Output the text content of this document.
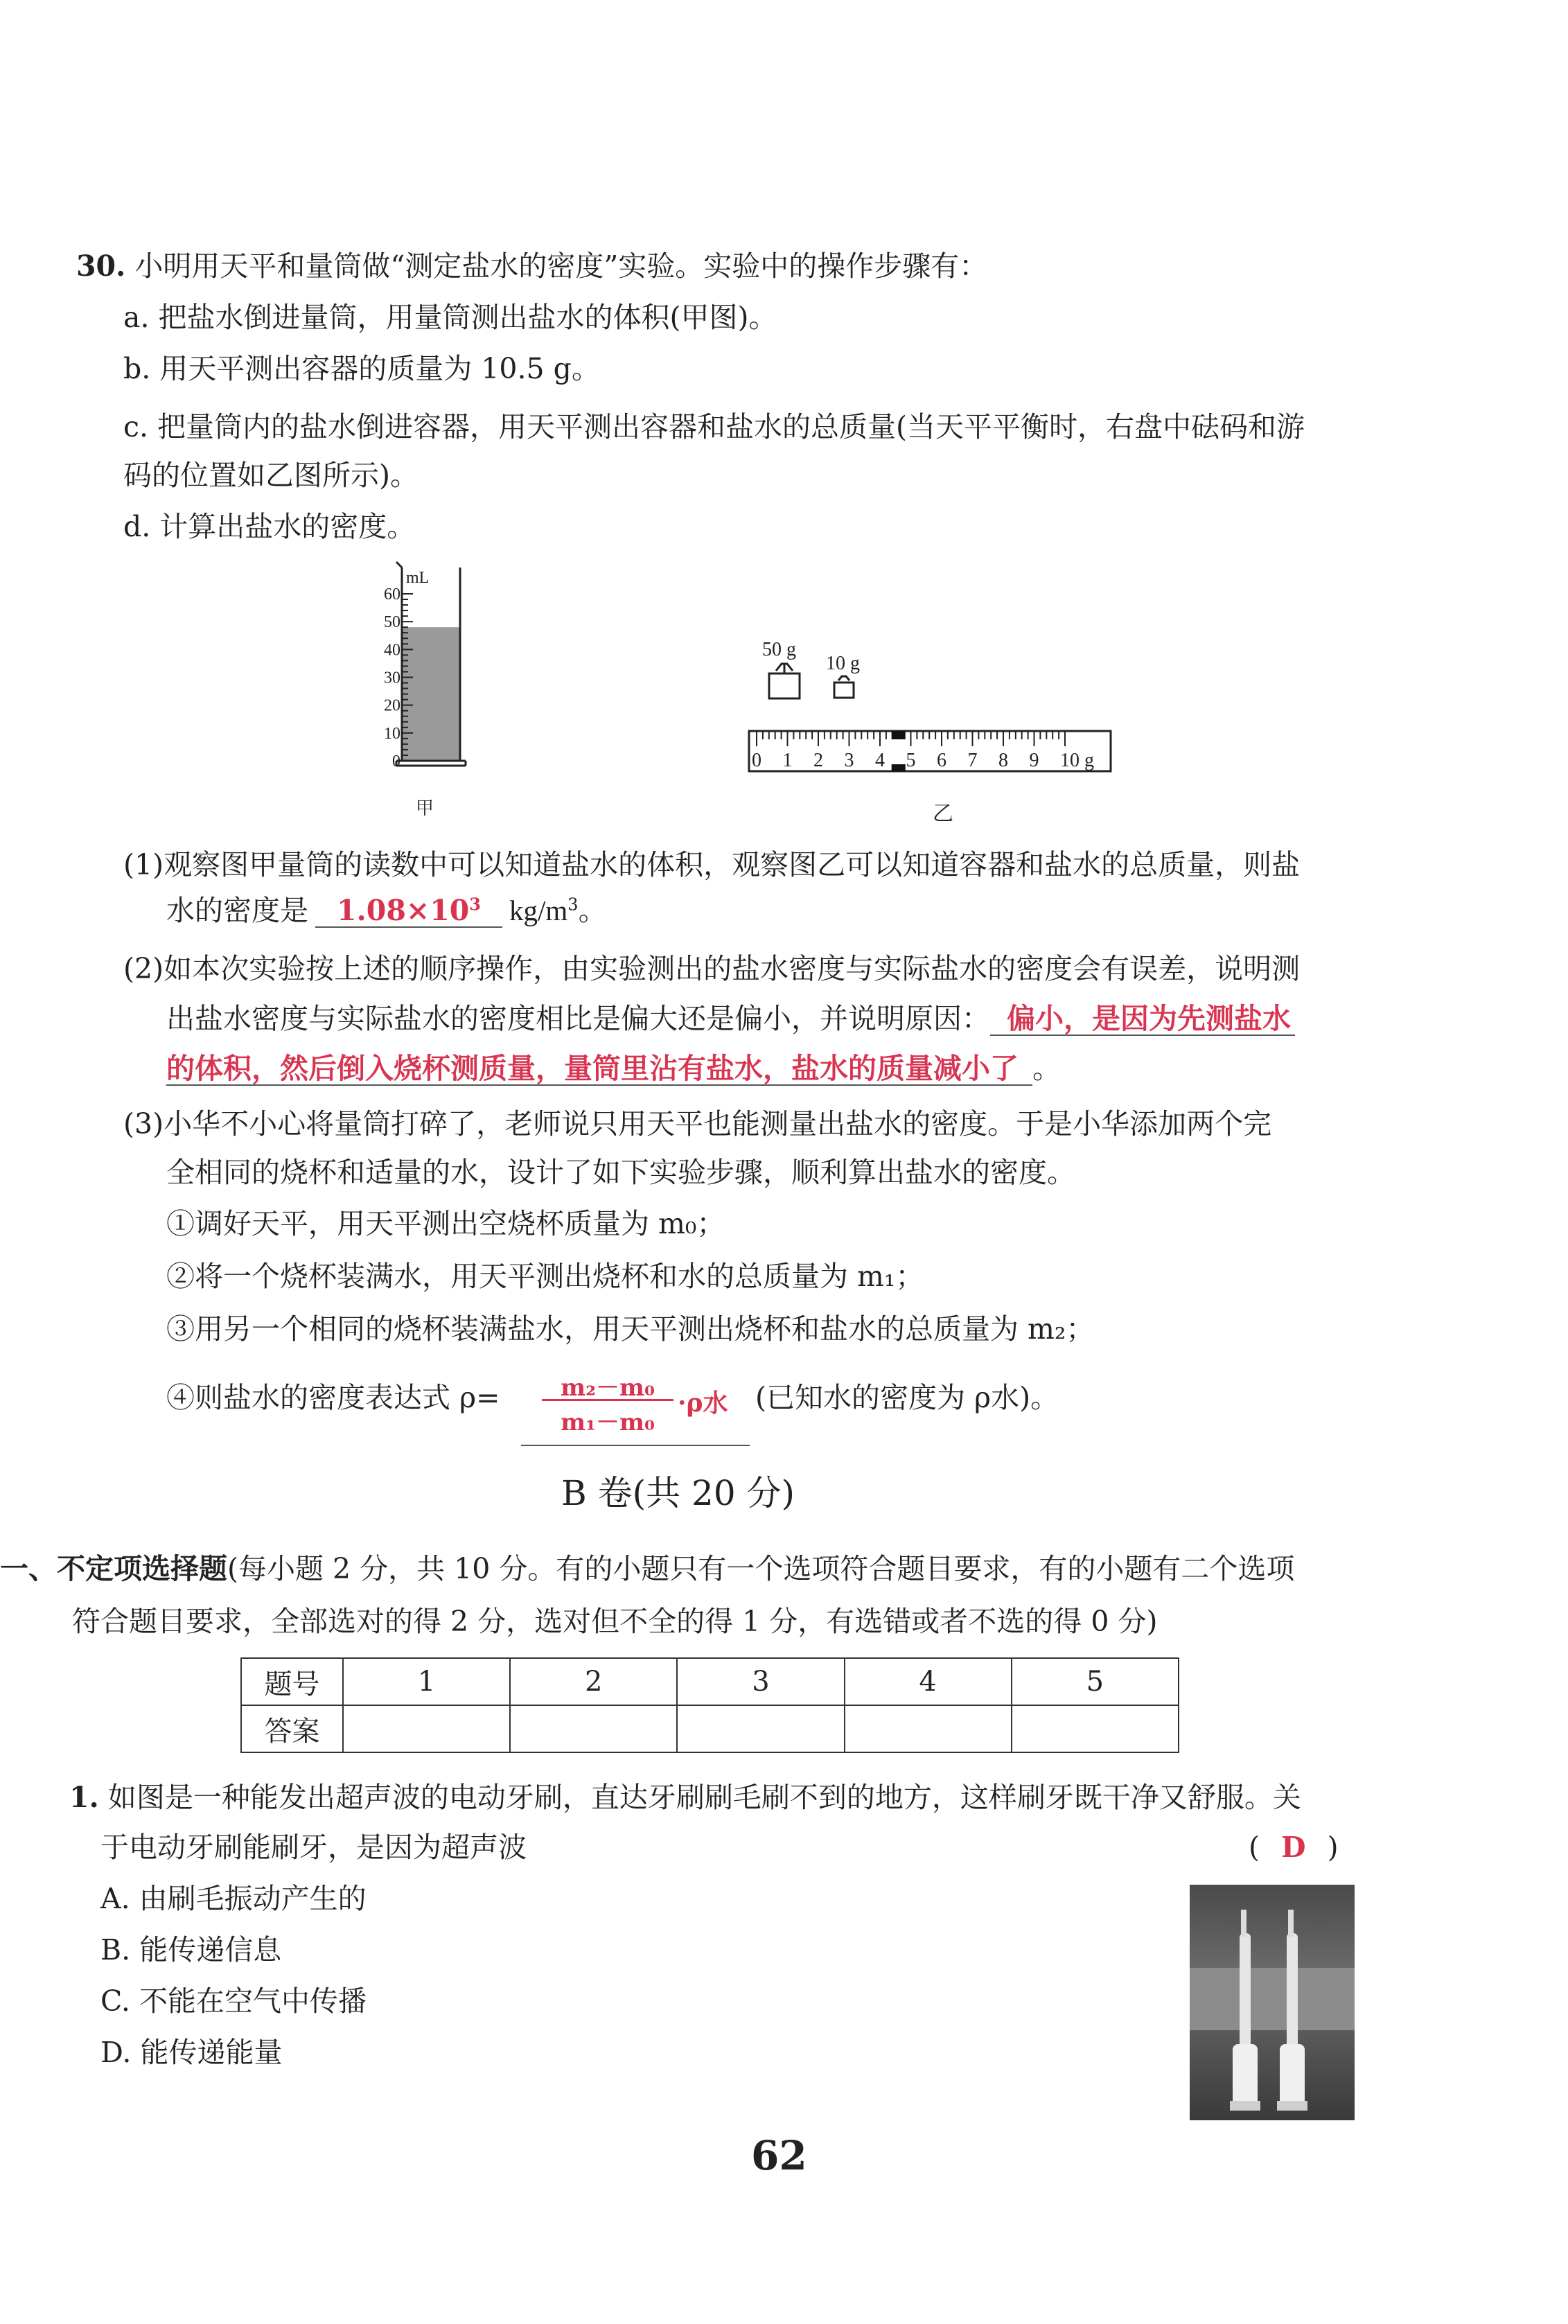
30. 小明用天平和量筒做“测定盐水的密度”实验。实验中的操作步骤有：
a. 把盐水倒进量筒，用量筒测出盐水的体积(甲图)。
b. 用天平测出容器的质量为 10.5 g。
c. 把量筒内的盐水倒进容器，用天平测出容器和盐水的总质量(当天平平衡时，右盘中砝码和游
码的位置如乙图所示)。
d. 计算出盐水的密度。
mL
60
50
40
30
20
10
0
甲
50 g
10 g
0 1 2 3 4 5 6 7 8 9 10 g
乙
(1)观察图甲量筒的读数中可以知道盐水的体积，观察图乙可以知道容器和盐水的总质量，则盐
水的密度是 $1.08\times 10^3$ $kg/m^3$。
(2)如本次实验按上述的顺序操作，由实验测出的盐水密度与实际盐水的密度会有误差，说明测
出盐水密度与实际盐水的密度相比是偏大还是偏小，并说明原因： 偏小，是因为先测盐水
的体积，然后倒入烧杯测质量，量筒里沾有盐水，盐水的质量减小了 。
(3)小华不小心将量筒打碎了，老师说只用天平也能测量出盐水的密度。于是小华添加两个完
全相同的烧杯和适量的水，设计了如下实验步骤，顺利算出盐水的密度。
①调好天平，用天平测出空烧杯质量为 m₀；
②将一个烧杯装满水，用天平测出烧杯和水的总质量为 m₁；
③用另一个相同的烧杯装满盐水，用天平测出烧杯和盐水的总质量为 m₂；
④则盐水的密度表达式 ρ=	m₂－m₀
m₁－m₀
·ρ水 (已知水的密度为 ρ水)。
B 卷(共 20 分)
一、不定项选择题(每小题 2 分，共 10 分。有的小题只有一个选项符合题目要求，有的小题有二个选项
符合题目要求，全部选对的得 2 分，选对但不全的得 1 分，有选错或者不选的得 0 分)
题号	1	2	3	4	5
答案					
1. 如图是一种能发出超声波的电动牙刷，直达牙刷刷毛刷不到的地方，这样刷牙既干净又舒服。关
于电动牙刷能刷牙，是因为超声波	( D )
A. 由刷毛振动产生的
B. 能传递信息
C. 不能在空气中传播
D. 能传递能量
62
